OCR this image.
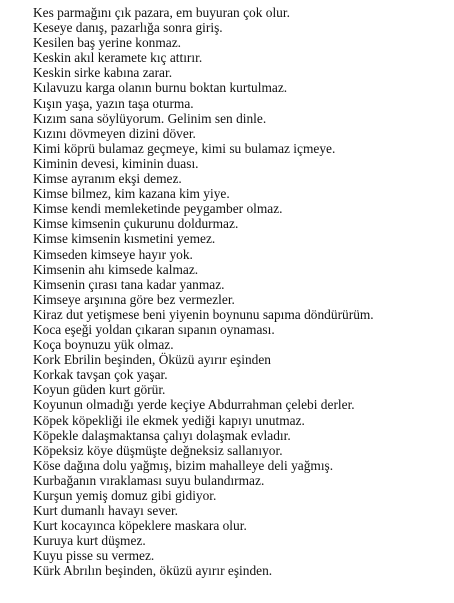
Kes parmağını çık pazara, em buyuran çok olur.
Keseye danış, pazarlığa sonra giriş.
Kesilen baş yerine konmaz.
Keskin akıl keramete kıç attırır.
Keskin sirke kabına zarar.
Kılavuzu karga olanın burnu boktan kurtulmaz.
Kışın yaşa, yazın taşa oturma.
Kızım sana söylüyorum. Gelinim sen dinle.
Kızını dövmeyen dizini döver.
Kimi köprü bulamaz geçmeye, kimi su bulamaz içmeye.
Kiminin devesi, kiminin duası.
Kimse ayranım ekşi demez.
Kimse bilmez, kim kazana kim yiye.
Kimse kendi memleketinde peygamber olmaz.
Kimse kimsenin çukurunu doldurmaz.
Kimse kimsenin kısmetini yemez.
Kimseden kimseye hayır yok.
Kimsenin ahı kimsede kalmaz.
Kimsenin çırası tana kadar yanmaz.
Kimseye arşınına göre bez vermezler.
Kiraz dut yetişmese beni yiyenin boynunu sapıma döndürürüm.
Koca eşeği yoldan çıkaran sıpanın oynaması.
Koça boynuzu yük olmaz.
Kork Ebrilin beşinden, Öküzü ayırır eşinden
Korkak tavşan çok yaşar.
Koyun güden kurt görür.
Koyunun olmadığı yerde keçiye Abdurrahman çelebi derler.
Köpek köpekliği ile ekmek yediği kapıyı unutmaz.
Köpekle dalaşmaktansa çalıyı dolaşmak evladır.
Köpeksiz köye düşmüşte değneksiz sallanıyor.
Köse dağına dolu yağmış, bizim mahalleye deli yağmış.
Kurbağanın vıraklaması suyu bulandırmaz.
Kurşun yemiş domuz gibi gidiyor.
Kurt dumanlı havayı sever.
Kurt kocayınca köpeklere maskara olur.
Kuruya kurt düşmez.
Kuyu pisse su vermez.
Kürk Abrılın beşinden, öküzü ayırır eşinden.
